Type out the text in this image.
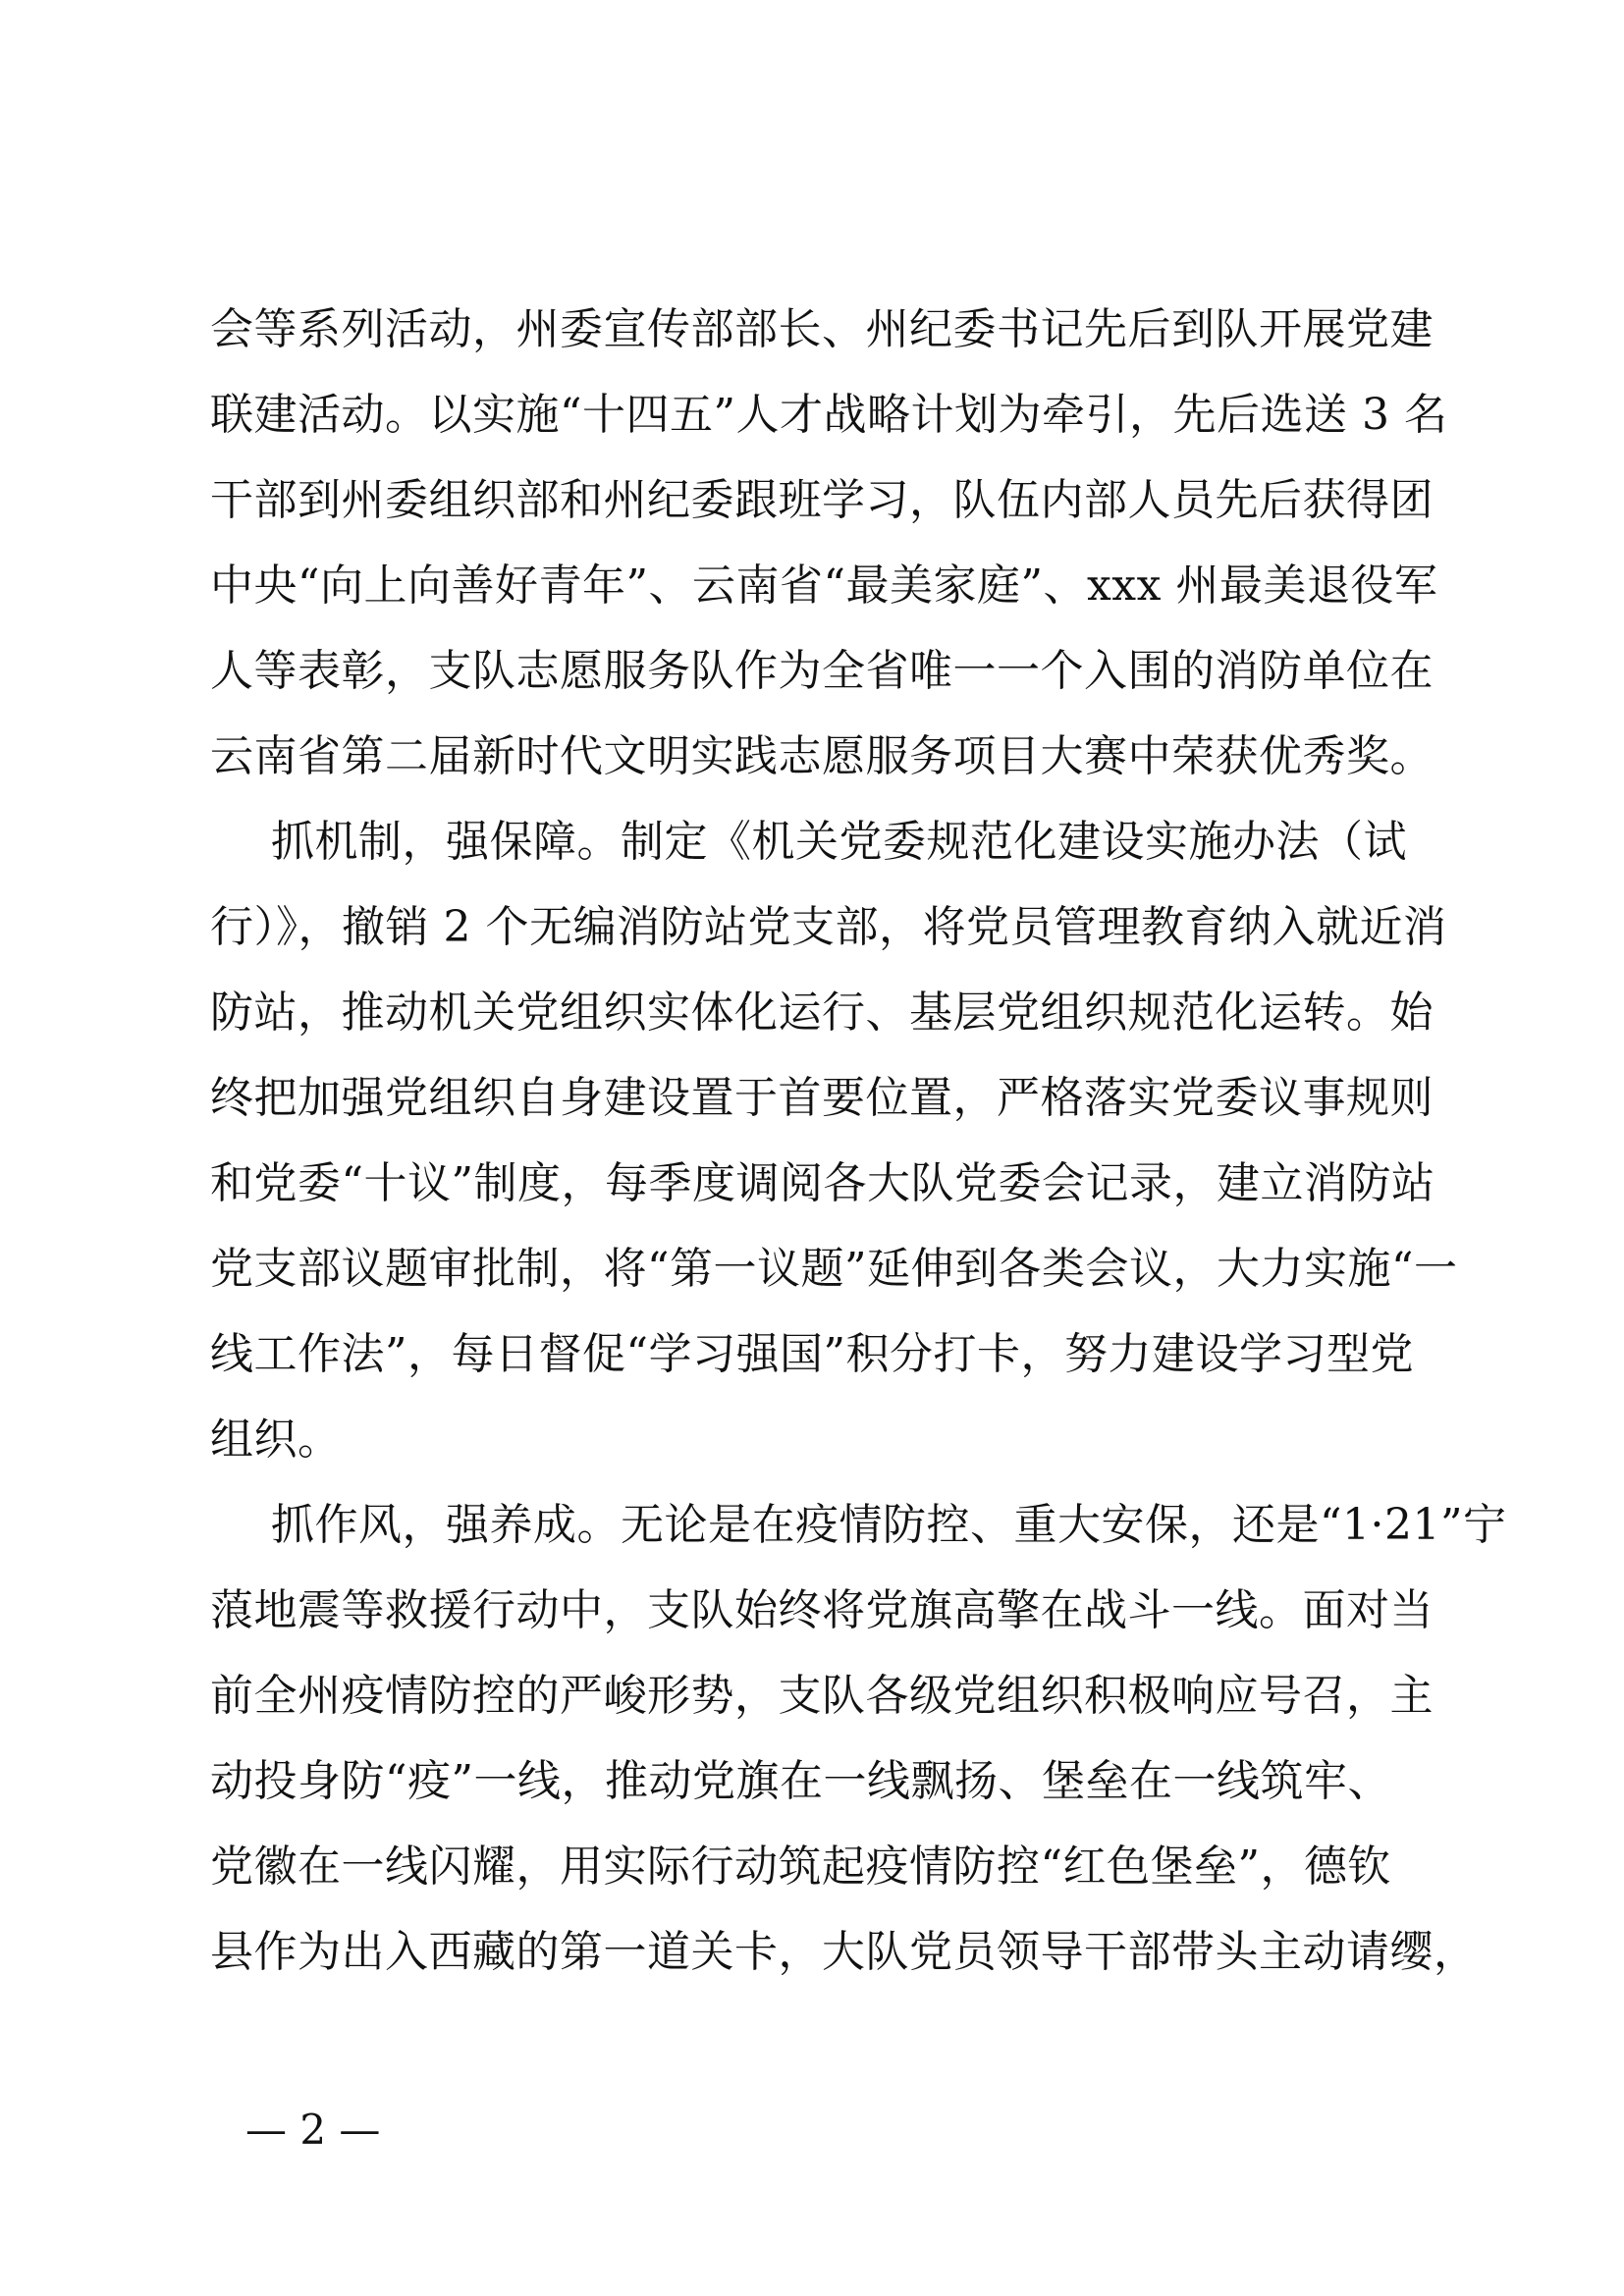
会等系列活动，州委宣传部部长、州纪委书记先后到队开展党建
联建活动。以实施“十四五”人才战略计划为牵引，先后选送 3 名
干部到州委组织部和州纪委跟班学习，队伍内部人员先后获得团
中央“向上向善好青年”、云南省“最美家庭”、xxx 州最美退役军
人等表彰，支队志愿服务队作为全省唯一一个入围的消防单位在
云南省第二届新时代文明实践志愿服务项目大赛中荣获优秀奖。
抓机制，强保障。制定《机关党委规范化建设实施办法（试
行）》，撤销 2 个无编消防站党支部，将党员管理教育纳入就近消
防站，推动机关党组织实体化运行、基层党组织规范化运转。始
终把加强党组织自身建设置于首要位置，严格落实党委议事规则
和党委“十议”制度，每季度调阅各大队党委会记录，建立消防站
党支部议题审批制，将“第一议题”延伸到各类会议，大力实施“一
线工作法”，每日督促“学习强国”积分打卡，努力建设学习型党
组织。
抓作风，强养成。无论是在疫情防控、重大安保，还是“1·21”宁
蒗地震等救援行动中，支队始终将党旗高擎在战斗一线。面对当
前全州疫情防控的严峻形势，支队各级党组织积极响应号召，主
动投身防“疫”一线，推动党旗在一线飘扬、堡垒在一线筑牢、
党徽在一线闪耀，用实际行动筑起疫情防控“红色堡垒”，德钦
县作为出入西藏的第一道关卡，大队党员领导干部带头主动请缨，
— 2 —
